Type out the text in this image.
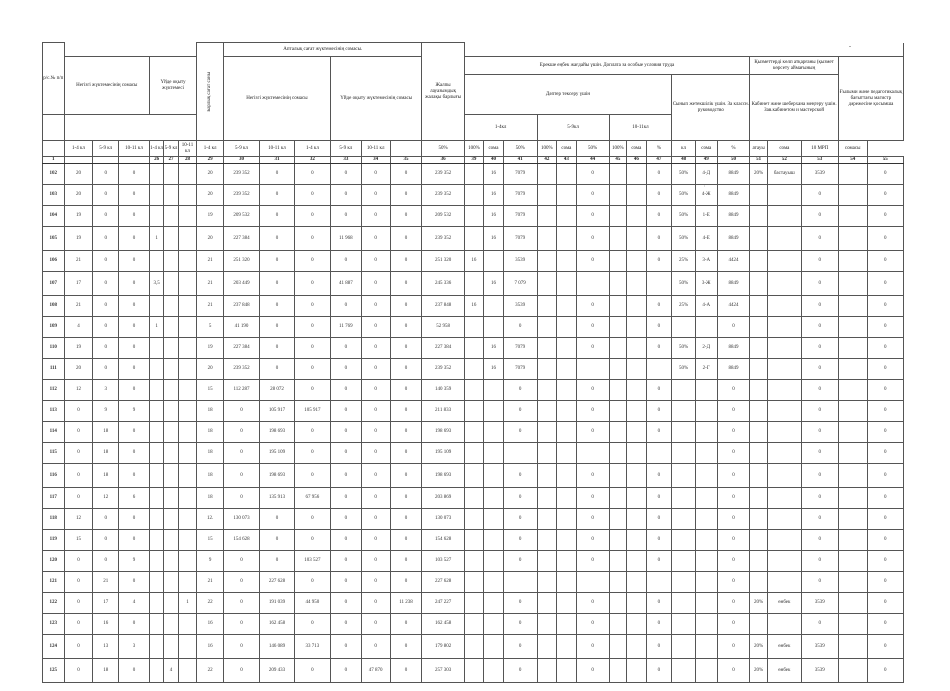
р/с.№ п/п							Барлық сағат саны	Апталық сағат жүктемесінің сомасы.						Жалпы лауазымдық жалақы барлығы																	
	Негізгі жүктемесінің сомасы			Үйде оқыту жүктемесі				Негізгі жүктемесінің сомасы			Үйде оқыту жүктемесінің сомасы				Ерекше еңбек жағдайы үшін. Доплата за особые условия труда												Қызметтерді көлп атқарғаны (қызмет көрсету аймағының			Ғылыми және педагогикалық бағыттағы магистр дәрежесіне қосымша	
															Дәптер тексеру үшін									Сынып жетекшілік үшін. За классн. руководство			Кабинет және шеберхана меңгеру үшін. Зав.кабинетом и мастерской				
															1-4кл			5-9кл			10-11кл										
	1-4 кл	5-9 кл	10-11 кл	1-4 кл	5-9 кл	10-11 кл	1-4 кл	5-9 кл	10-11 кл	1-4 кл	5-9 кл	10-11 кл		50%	100%	сома	50%	100%	сома	50%	100%	сома	%	кл	сома	%	атауы	сома	10 МРП	сомасы	
1				26	27	28	29	30	31	32	33	34	35	36	39	40	41	42	43	44	45	46	47	48	49	50	51	52	53	54	55
102	20	0	0				20	239 352	0	0	0	0	0	239 352		16	7079			0			0	50%	4-Д	8849	20%	бастауыш	3539		0
103	20	0	0				20	239 352	0	0	0	0	0	239 352		16	7079			0			0	50%	4-Ж	8849			0		0
104	19	0	0				19	209 532	0	0	0	0	0	209 532		16	7079			0			0	50%	1-Е	8849			0		0
105	19	0	0	1			20	227 384	0	0	11 968	0	0	239 352		16	7079			0			0	50%	4-Е	8849			0		0
106	21	0	0				21	251 320	0	0	0	0	0	251 320	16		3539			0			0	25%	3-А	4424			0		0
107	17	0	0	3,5			21	203 449	0	0	41 887	0	0	245 336		16	7 079							50%	3-Ж	8849			0		0
108	21	0	0				21	237 848	0	0	0	0	0	237 848	16		3539			0			0	25%	4-А	4424			0		0
109	4	0	0	1			5	41 190	0	0	11 769	0	0	52 958			0			0			0			0			0		0
110	19	0	0				19	227 384	0	0	0	0	0	227 384		16	7079			0			0	50%	2-Д	8849			0		0
111	20	0	0				20	239 352	0	0	0	0	0	239 352		16	7079							50%	2-Г	8849			0		0
112	12	3	0				15	112 287	28 072	0	0	0	0	140 359			0			0			0			0			0		0
113	0	9	9				18	0	105 917	105 917	0	0	0	211 833			0			0			0			0			0		0
114	0	18	0				18	0	198 693	0	0	0	0	198 693			0			0			0			0			0		0
115	0	18	0				18	0	195 109	0	0	0	0	195 109												0			0		0
116	0	18	0				18	0	198 693	0	0	0	0	198 693			0			0			0			0			0		0
117	0	12	6				18	0	135 913	67 956	0	0	0	203 869			0			0			0			0			0		0
118	12	0	0				12.	130 073	0	0	0	0	0	130 073			0			0			0			0			0		0
119	15	0	0				15	154 628	0	0	0	0	0	154 628			0			0			0			0			0		0
120	0	0	9				9	0	0	103 527	0	0	0	103 527			0			0			0			0			0		0
121	0	21	0				21	0	227 628	0	0	0	0	227 628												0			0		0
122	0	17	4			1	22	0	191 039	44 950	0	0	11 238	247 227			0			0			0			0	20%	өнбек	3539		0
123	0	16	0				16	0	162 458	0	0	0	0	162 458			0			0			0			0			0		0
124	0	13	3				16	0	146 089	33 713	0	0	0	179 802			0			0			0			0	20%	өнбек	3539		0
125	0	18	0		4		22	0	209 433	0	0	47 870	0	257 303			0			0			0			0	20%	өнбек	3539		0
-
'
